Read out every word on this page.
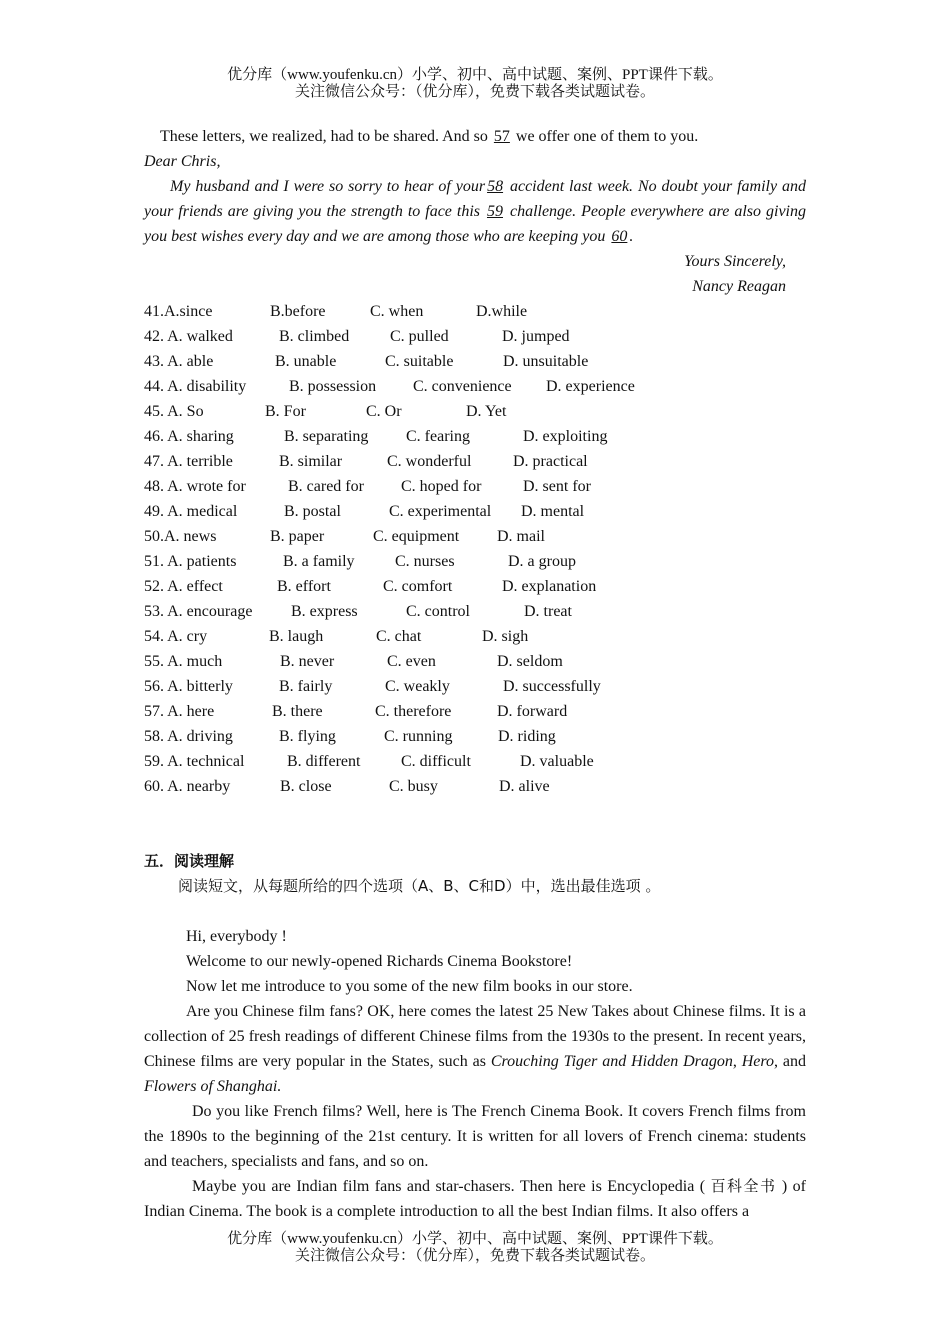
优分库（www.youfenku.cn）小学、初中、高中试题、案例、PPT课件下载。
关注微信公众号：（优分库），免费下载各类试题试卷。
These letters, we realized, had to be shared. And so 57 we offer one of them to you.
Dear Chris,
My husband and I were so sorry to hear of your 58 accident last week. No doubt your family and your friends are giving you the strength to face this 59 challenge. People everywhere are also giving you best wishes every day and we are among those who are keeping you 60 .
Yours Sincerely,
Nancy Reagan
41.A.since	B.before	C. when	D.while
42. A. walked	B. climbed	C. pulled	D. jumped
43. A. able	B. unable	C. suitable	D. unsuitable
44. A. disability	B. possession C. convenience D. experience
45. A. So	B. For	C. Or	D. Yet
46. A. sharing	B. separating C. fearing	D. exploiting
47. A. terrible	B. similar	C. wonderful	D. practical
48. A. wrote for	B. cared for C. hoped for	D. sent for
49. A. medical	B. postal	C. experimental D. mental
50.A. news	B. paper	C. equipment D. mail
51. A. patients	B. a family	C. nurses	D. a group
52. A. effect	B. effort	C. comfort	D. explanation
53. A. encourage B. express	C. control	D. treat
54. A. cry	B. laugh	C. chat	D. sigh
55. A. much	B. never	C. even	D. seldom
56. A. bitterly	B. fairly	C. weakly	D. successfully
57. A. here	B. there	C. therefore	D. forward
58. A. driving	B. flying	C. running	D. riding
59. A. technical	B. different	C. difficult	D. valuable
60. A. nearby	B. close	C. busy	D. alive
五．阅读理解
阅读短文，从每题所给的四个选项（A、B、C和D）中，选出最佳选项 。
Hi, everybody !
Welcome to our newly-opened Richards Cinema Bookstore!
Now let me introduce to you some of the new film books in our store.
Are you Chinese film fans? OK, here comes the latest 25 New Takes about Chinese films. It is a collection of 25 fresh readings of different Chinese films from the 1930s to the present. In recent years, Chinese films are very popular in the States, such as Crouching Tiger and Hidden Dragon, Hero, and Flowers of Shanghai.
Do you like French films? Well, here is The French Cinema Book. It covers French films from the 1890s to the beginning of the 21st century. It is written for all lovers of French cinema: students and teachers, specialists and fans, and so on.
Maybe you are Indian film fans and star-chasers. Then here is Encyclopedia ( 百科全书 ) of Indian Cinema. The book is a complete introduction to all the best Indian films. It also offers a
优分库（www.youfenku.cn）小学、初中、高中试题、案例、PPT课件下载。
关注微信公众号：（优分库），免费下载各类试题试卷。
